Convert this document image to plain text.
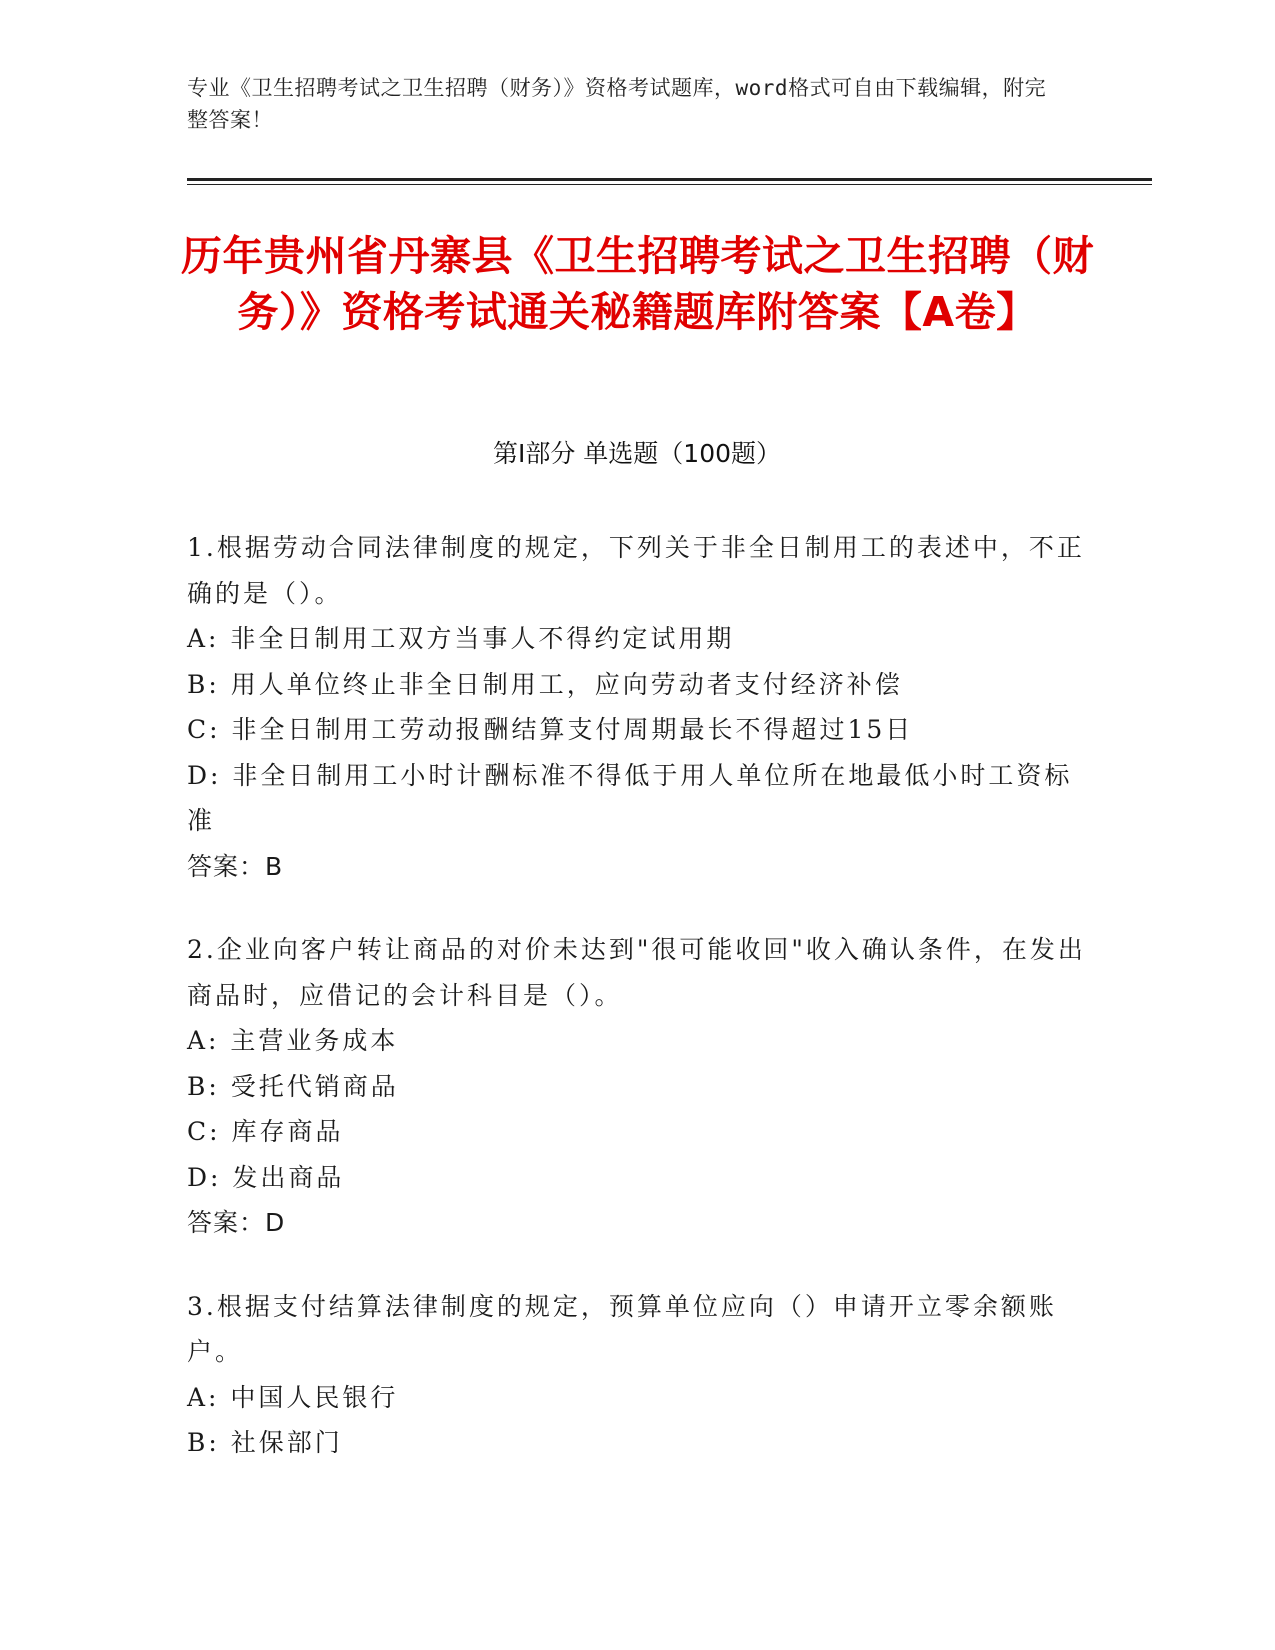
专业《卫生招聘考试之卫生招聘（财务）》资格考试题库，word格式可自由下载编辑，附完整答案！
历年贵州省丹寨县《卫生招聘考试之卫生招聘（财务）》资格考试通关秘籍题库附答案【A卷】
第Ⅰ部分 单选题（100题）
1.根据劳动合同法律制度的规定，下列关于非全日制用工的表述中，不正确的是（）。
A: 非全日制用工双方当事人不得约定试用期
B: 用人单位终止非全日制用工，应向劳动者支付经济补偿
C: 非全日制用工劳动报酬结算支付周期最长不得超过15日
D: 非全日制用工小时计酬标准不得低于用人单位所在地最低小时工资标准
答案：B
2.企业向客户转让商品的对价未达到"很可能收回"收入确认条件，在发出商品时，应借记的会计科目是（）。
A: 主营业务成本
B: 受托代销商品
C: 库存商品
D: 发出商品
答案：D
3.根据支付结算法律制度的规定，预算单位应向（）申请开立零余额账户。
A: 中国人民银行
B: 社保部门
